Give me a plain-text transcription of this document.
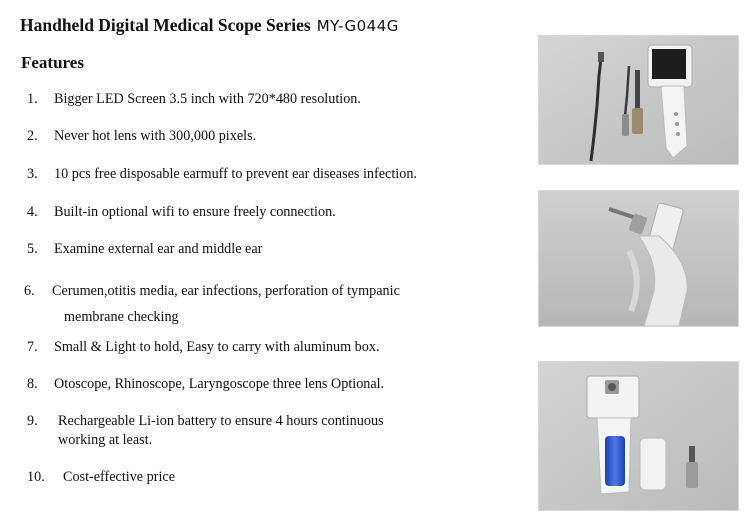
Handheld Digital Medical Scope Series MY-G044G
Features
1. Bigger LED Screen 3.5 inch with 720*480 resolution.
2. Never hot lens with 300,000 pixels.
3. 10 pcs free disposable earmuff to prevent ear diseases infection.
4. Built-in optional wifi to ensure freely connection.
5. Examine external ear and middle ear
6. Cerumen,otitis media, ear infections, perforation of tympanic
membrane checking
7. Small & Light to hold, Easy to carry with aluminum box.
8. Otoscope, Rhinoscope, Laryngoscope three lens Optional.
9. Rechargeable Li-ion battery to ensure 4 hours continuous
working at least.
10. Cost-effective price
